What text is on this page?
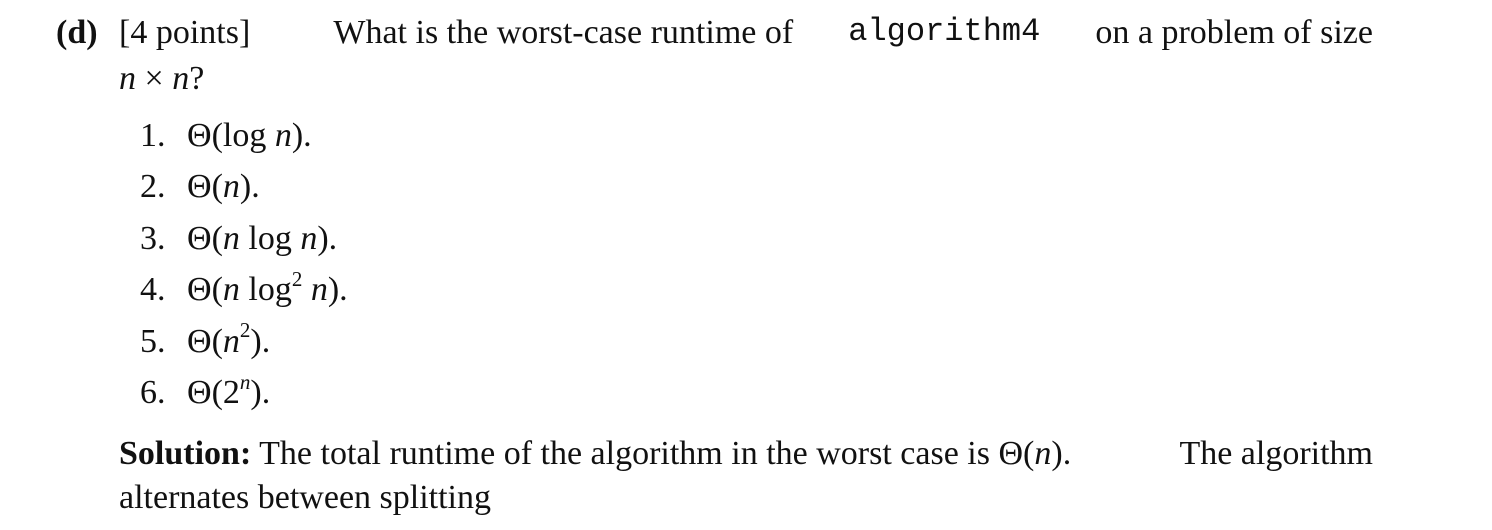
(d) [4 points] What is the worst-case runtime of algorithm4 on a problem of size
n × n?
1. Θ(log n).
2. Θ(n).
3. Θ(n log n).
4. Θ(n $\log^2 n$).
5. $\Theta(n^2)$.
6. Θ(2$^n$).
Solution: The total runtime of the algorithm in the worst case is Θ(n).	The algorithm
alternates between splitting
